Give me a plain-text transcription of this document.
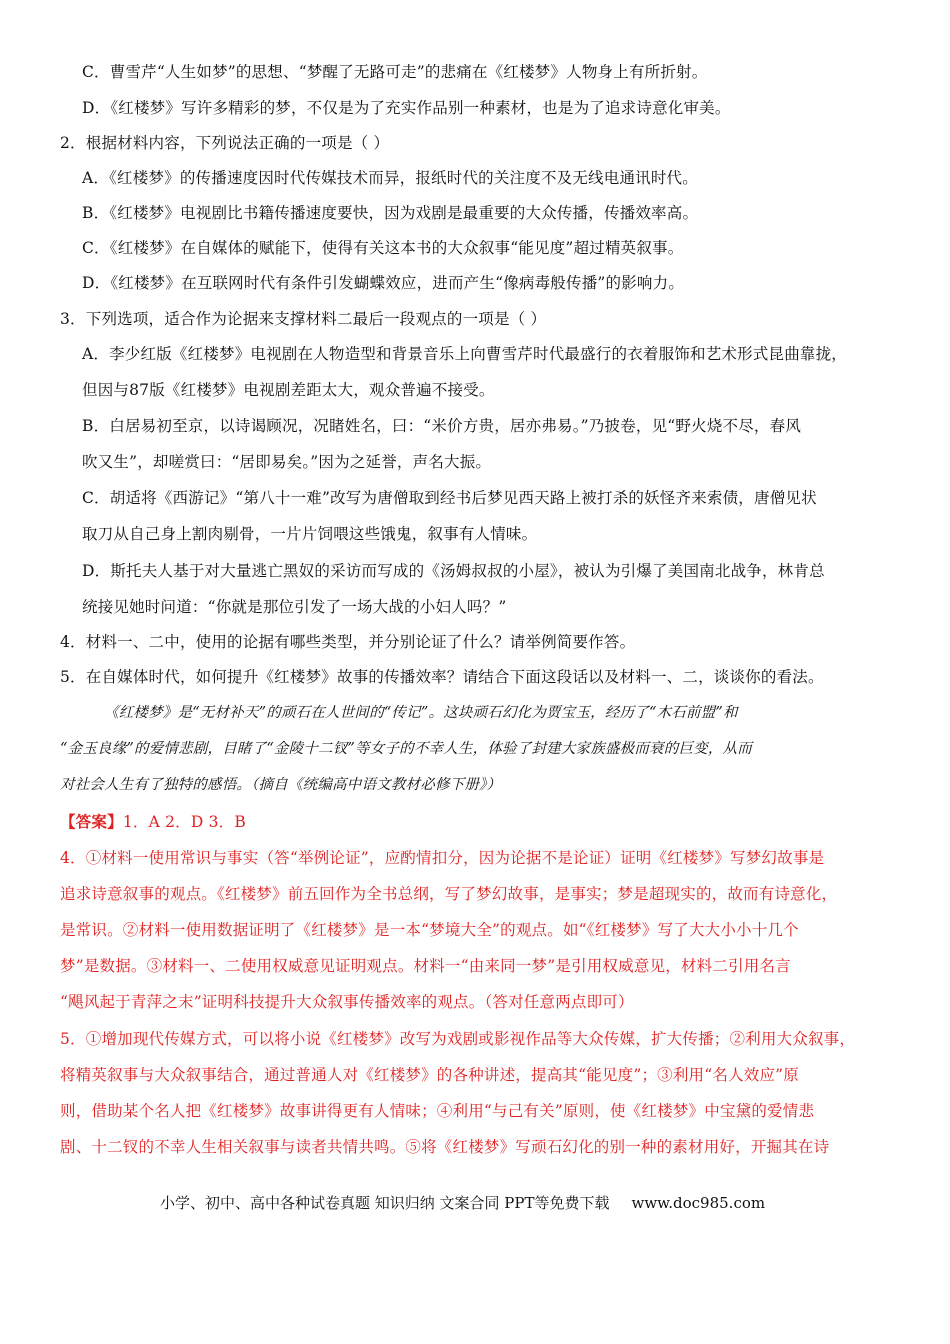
C．曹雪芹“人生如梦”的思想、“梦醒了无路可走”的悲痛在《红楼梦》人物身上有所折射。
D．《红楼梦》写许多精彩的梦，不仅是为了充实作品别一种素材，也是为了追求诗意化审美。
2．根据材料内容，下列说法正确的一项是（ ）
A．《红楼梦》的传播速度因时代传媒技术而异，报纸时代的关注度不及无线电通讯时代。
B．《红楼梦》电视剧比书籍传播速度要快，因为戏剧是最重要的大众传播，传播效率高。
C．《红楼梦》在自媒体的赋能下，使得有关这本书的大众叙事“能见度”超过精英叙事。
D．《红楼梦》在互联网时代有条件引发蝴蝶效应，进而产生“像病毒般传播”的影响力。
3．下列选项，适合作为论据来支撑材料二最后一段观点的一项是（ ）
A．李少红版《红楼梦》电视剧在人物造型和背景音乐上向曹雪芹时代最盛行的衣着服饰和艺术形式昆曲靠拢，
但因与87版《红楼梦》电视剧差距太大，观众普遍不接受。
B．白居易初至京，以诗谒顾况，况睹姓名，曰：“米价方贵，居亦弗易。”乃披卷，见“野火烧不尽，春风
吹又生”，却嗟赏曰：“居即易矣。”因为之延誉，声名大振。
C．胡适将《西游记》“第八十一难”改写为唐僧取到经书后梦见西天路上被打杀的妖怪齐来索债，唐僧见状
取刀从自己身上割肉剔骨，一片片饲喂这些饿鬼，叙事有人情味。
D．斯托夫人基于对大量逃亡黑奴的采访而写成的《汤姆叔叔的小屋》，被认为引爆了美国南北战争，林肯总
统接见她时问道：“你就是那位引发了一场大战的小妇人吗？”
4．材料一、二中，使用的论据有哪些类型，并分别论证了什么？请举例简要作答。
5．在自媒体时代，如何提升《红楼梦》故事的传播效率？请结合下面这段话以及材料一、二，谈谈你的看法。
《红楼梦》是“无材补天”的顽石在人世间的“传记”。这块顽石幻化为贾宝玉，经历了“木石前盟”和
“金玉良缘”的爱情悲剧，目睹了“金陵十二钗”等女子的不幸人生，体验了封建大家族盛极而衰的巨变，从而
对社会人生有了独特的感悟。（摘自《统编高中语文教材必修下册》）
【答案】1．A 2．D 3．B
4．①材料一使用常识与事实（答“举例论证”，应酌情扣分，因为论据不是论证）证明《红楼梦》写梦幻故事是
追求诗意叙事的观点。《红楼梦》前五回作为全书总纲，写了梦幻故事，是事实；梦是超现实的，故而有诗意化，
是常识。②材料一使用数据证明了《红楼梦》是一本“梦境大全”的观点。如“《红楼梦》写了大大小小十几个
梦”是数据。③材料一、二使用权威意见证明观点。材料一“由来同一梦”是引用权威意见，材料二引用名言
“飓风起于青萍之末”证明科技提升大众叙事传播效率的观点。（答对任意两点即可）
5．①增加现代传媒方式，可以将小说《红楼梦》改写为戏剧或影视作品等大众传媒，扩大传播；②利用大众叙事，
将精英叙事与大众叙事结合，通过普通人对《红楼梦》的各种讲述，提高其“能见度”；③利用“名人效应”原
则，借助某个名人把《红楼梦》故事讲得更有人情味；④利用“与己有关”原则，使《红楼梦》中宝黛的爱情悲
剧、十二钗的不幸人生相关叙事与读者共情共鸣。⑤将《红楼梦》写顽石幻化的别一种的素材用好，开掘其在诗
小学、初中、高中各种试卷真题 知识归纳 文案合同 PPT等免费下载 www.doc985.com
